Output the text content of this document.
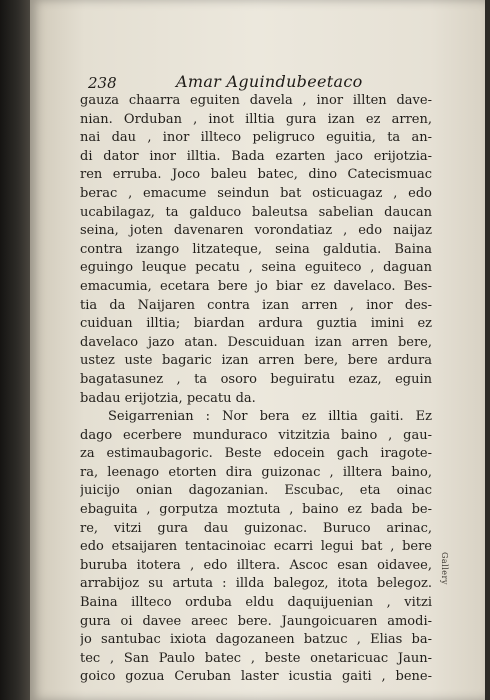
238	Amar Aguindubeetaco
gauza chaarra eguiten davela , inor illten dave-
nian. Orduban , inot illtia gura izan ez arren,
nai dau , inor illteco peligruco eguitia, ta an-
di dator inor illtia. Bada ezarten jaco erijotzia-
ren erruba. Joco baleu batec, dino Catecismuac
berac , emacume seindun bat osticuagaz , edo
ucabilagaz, ta galduco baleutsa sabelian daucan
seina, joten davenaren vorondatiaz , edo naijaz
contra izango litzateque, seina galdutia. Baina
eguingo leuque pecatu , seina eguiteco , daguan
emacumia, ecetara bere jo biar ez davelaco. Bes-
tia da Naijaren contra izan arren , inor des-
cuiduan illtia; biardan ardura guztia imini ez
davelaco jazo atan. Descuiduan izan arren bere,
ustez uste bagaric izan arren bere, bere ardura
bagatasunez , ta osoro beguiratu ezaz, eguin
badau erijotzia, pecatu da.
Seigarrenian : Nor bera ez illtia gaiti. Ez
dago ecerbere munduraco vitzitzia baino , gau-
za estimaubagoric. Beste edocein gach iragote-
ra, leenago etorten dira guizonac , illtera baino,
juicijo onian dagozanian. Escubac, eta oinac
ebaguita , gorputza moztuta , baino ez bada be-
re, vitzi gura dau guizonac. Buruco arinac,
edo etsaijaren tentacinoiac ecarri legui bat , bere
buruba itotera , edo illtera. Ascoc esan oidavee,
arrabijoz su artuta : illda balegoz, itota belegoz.
Baina illteco orduba eldu daquijuenian , vitzi
gura oi davee areec bere. Jaungoicuaren amodi-
jo santubac ixiota dagozaneen batzuc , Elias ba-
tec , San Paulo batec , beste onetaricuac Jaun-
goico gozua Ceruban laster icustia gaiti , bene-
Gallery
